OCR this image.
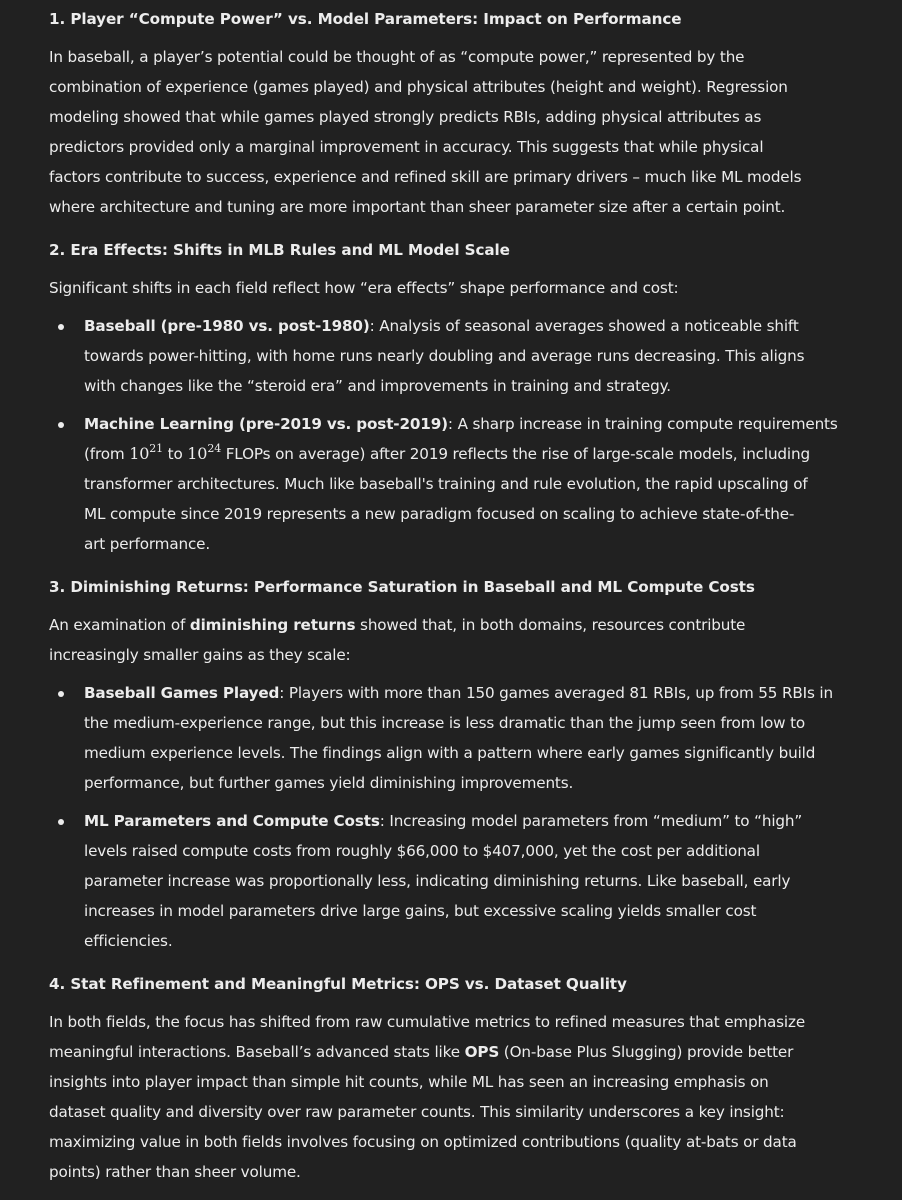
1. Player “Compute Power” vs. Model Parameters: Impact on Performance

In baseball, a player’s potential could be thought of as “compute power,” represented by the
combination of experience (games played) and physical attributes (height and weight). Regression
modeling showed that while games played strongly predicts RBIs, adding physical attributes as
predictors provided only a marginal improvement in accuracy. This suggests that while physical
factors contribute to success, experience and refined skill are primary drivers – much like ML models
where architecture and tuning are more important than sheer parameter size after a certain point.

2. Era Effects: Shifts in MLB Rules and ML Model Scale

Significant shifts in each field reflect how “era effects” shape performance and cost:

Baseball (pre-1980 vs. post-1980): Analysis of seasonal averages showed a noticeable shift
towards power-hitting, with home runs nearly doubling and average runs decreasing. This aligns
with changes like the “steroid era” and improvements in training and strategy.

Machine Learning (pre-2019 vs. post-2019): A sharp increase in training compute requirements
(from $10^{21}$ to $10^{24}$ FLOPs on average) after 2019 reflects the rise of large-scale models, including
transformer architectures. Much like baseball's training and rule evolution, the rapid upscaling of
ML compute since 2019 represents a new paradigm focused on scaling to achieve state-of-the-
art performance.

3. Diminishing Returns: Performance Saturation in Baseball and ML Compute Costs

An examination of diminishing returns showed that, in both domains, resources contribute
increasingly smaller gains as they scale:

Baseball Games Played: Players with more than 150 games averaged 81 RBIs, up from 55 RBIs in
the medium-experience range, but this increase is less dramatic than the jump seen from low to
medium experience levels. The findings align with a pattern where early games significantly build
performance, but further games yield diminishing improvements.

ML Parameters and Compute Costs: Increasing model parameters from “medium” to “high”
levels raised compute costs from roughly $66,000 to $407,000, yet the cost per additional
parameter increase was proportionally less, indicating diminishing returns. Like baseball, early
increases in model parameters drive large gains, but excessive scaling yields smaller cost
efficiencies.

4. Stat Refinement and Meaningful Metrics: OPS vs. Dataset Quality

In both fields, the focus has shifted from raw cumulative metrics to refined measures that emphasize
meaningful interactions. Baseball’s advanced stats like OPS (On-base Plus Slugging) provide better
insights into player impact than simple hit counts, while ML has seen an increasing emphasis on
dataset quality and diversity over raw parameter counts. This similarity underscores a key insight:
maximizing value in both fields involves focusing on optimized contributions (quality at-bats or data
points) rather than sheer volume.
